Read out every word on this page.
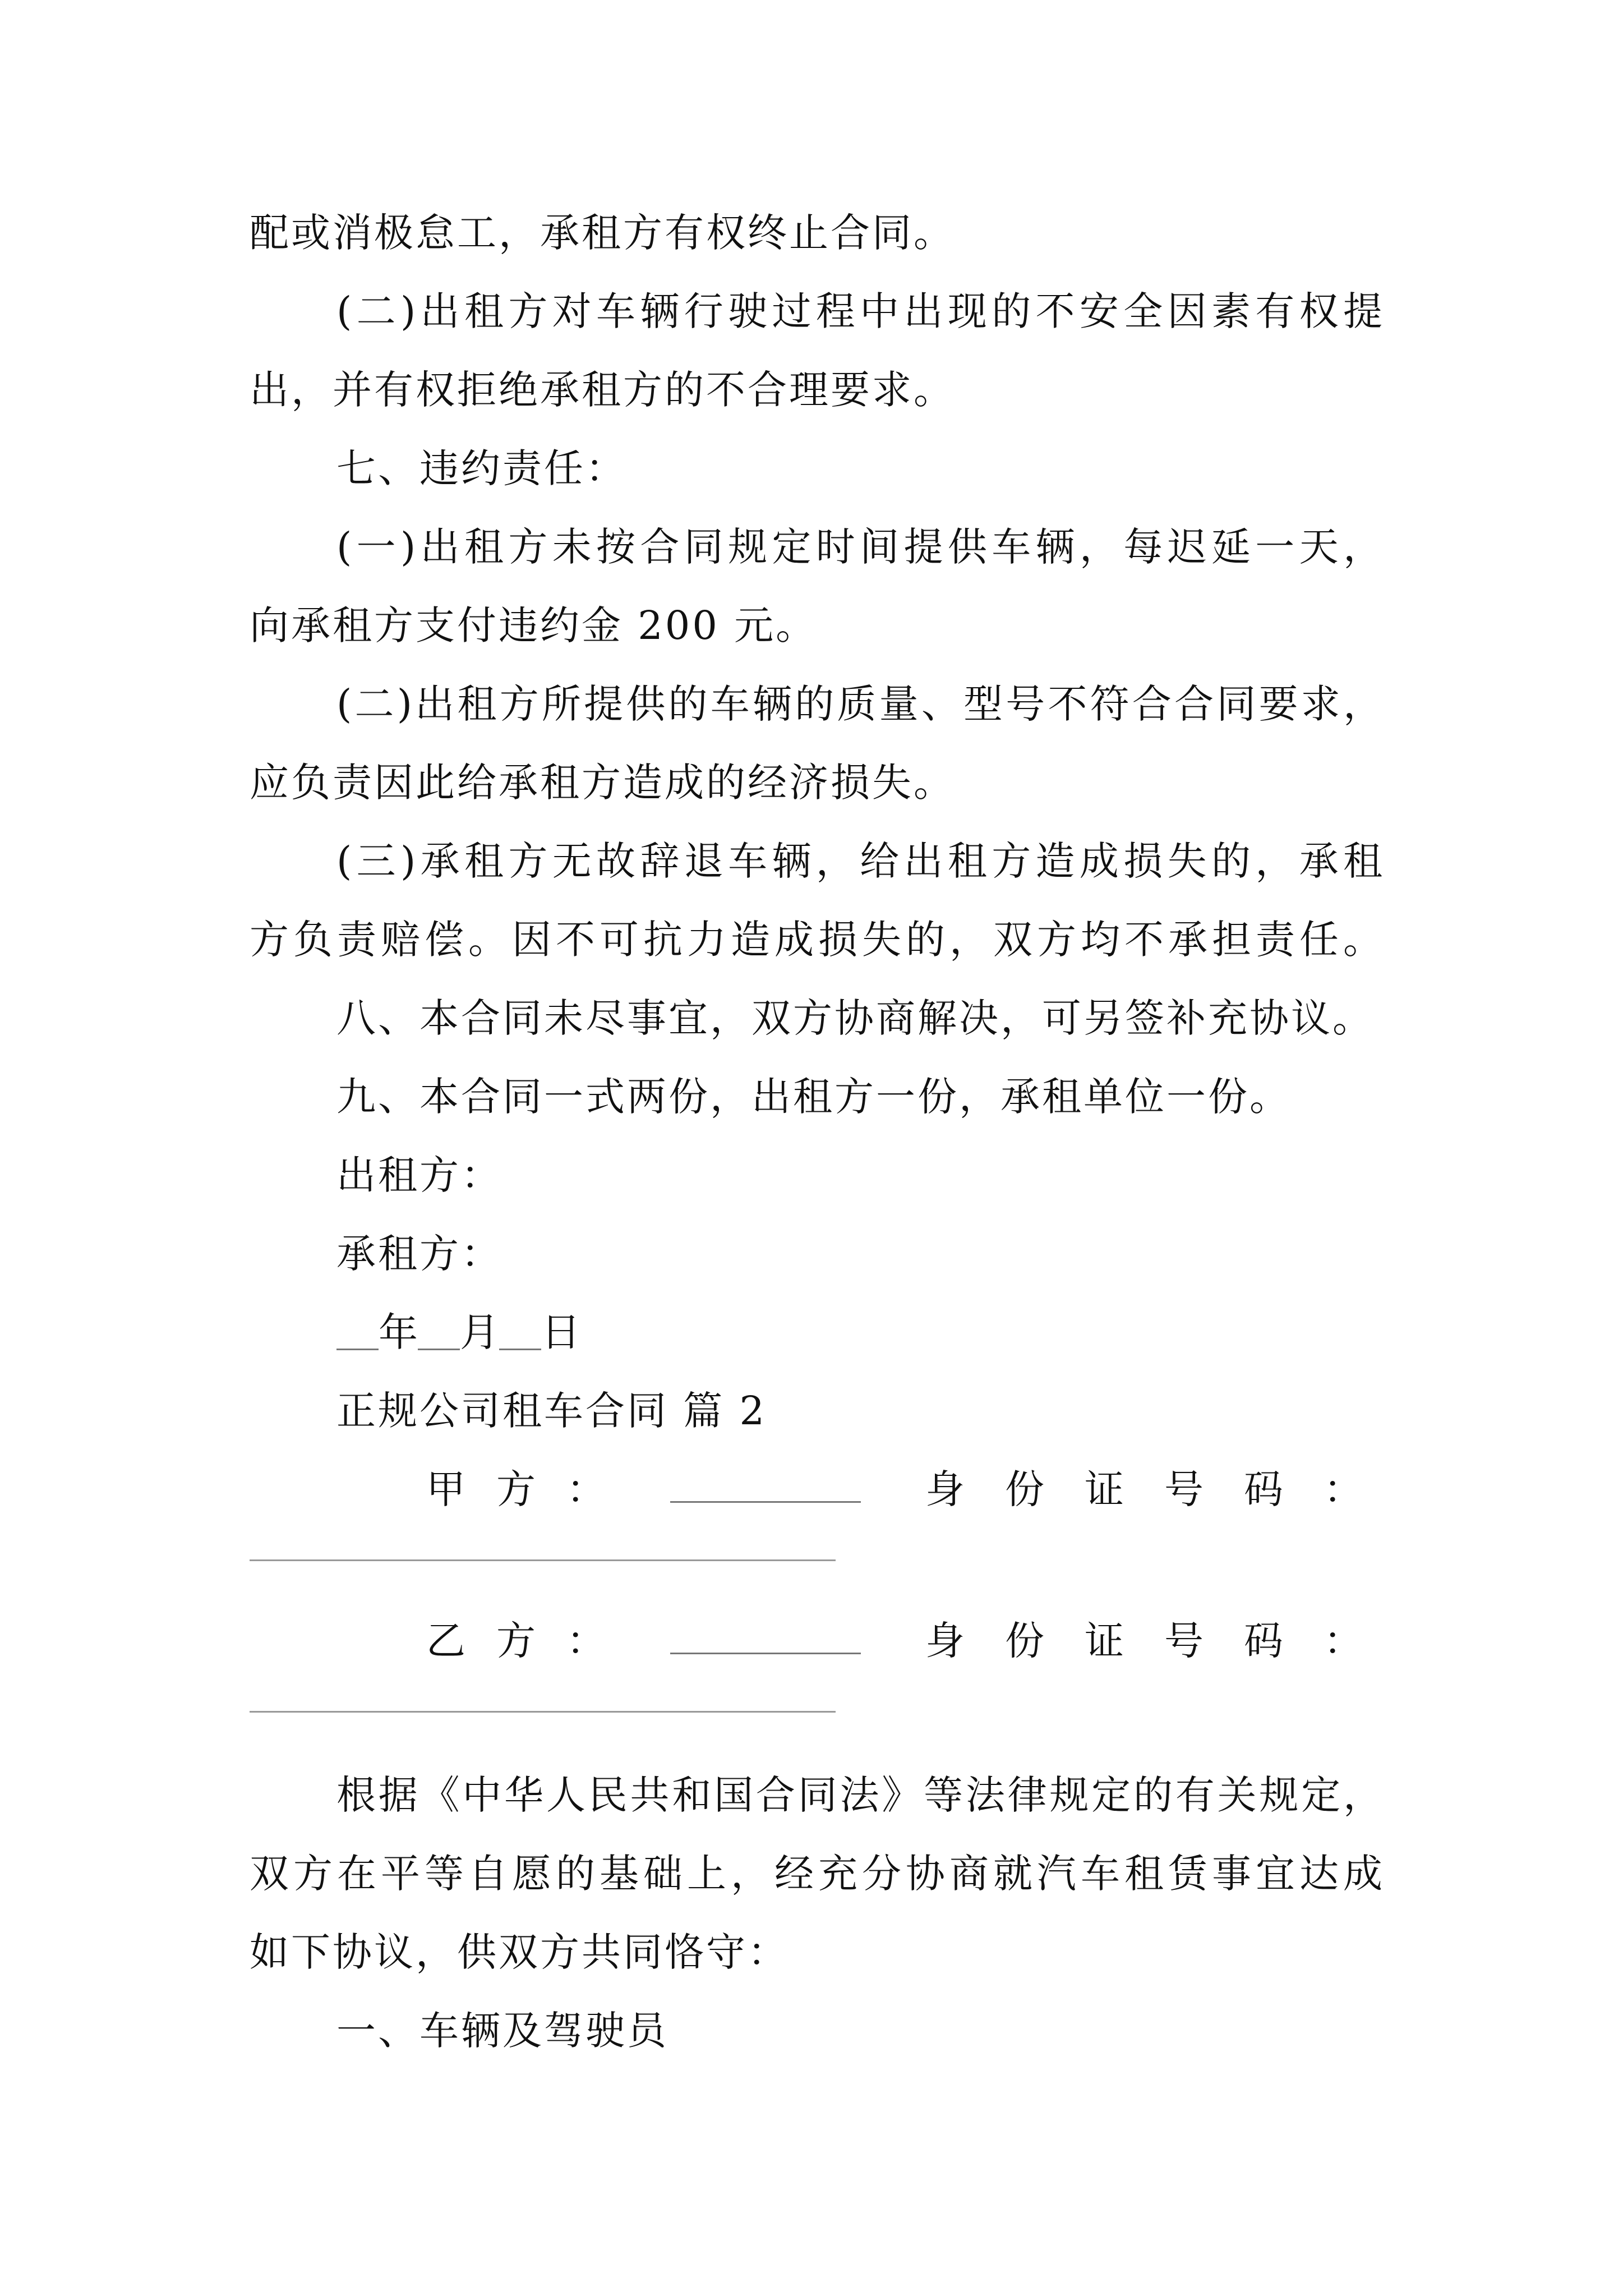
配或消极怠工，承租方有权终止合同。
(二)出租方对车辆行驶过程中出现的不安全因素有权提
出，并有权拒绝承租方的不合理要求。
七、违约责任：
(一)出租方未按合同规定时间提供车辆，每迟延一天，
向承租方支付违约金 200 元。
(二)出租方所提供的车辆的质量、型号不符合合同要求，
应负责因此给承租方造成的经济损失。
(三)承租方无故辞退车辆，给出租方造成损失的，承租
方负责赔偿。因不可抗力造成损失的，双方均不承担责任。
八、本合同未尽事宜，双方协商解决，可另签补充协议。
九、本合同一式两份，出租方一份，承租单位一份。
出租方：
承租方：
年 月 日
正规公司租车合同 篇 2
甲 方 ：	身 份 证 号 码 ：
乙 方 ：	身 份 证 号 码 ：
根据《中华人民共和国合同法》等法律规定的有关规定，
双方在平等自愿的基础上，经充分协商就汽车租赁事宜达成
如下协议，供双方共同恪守：
一、车辆及驾驶员
